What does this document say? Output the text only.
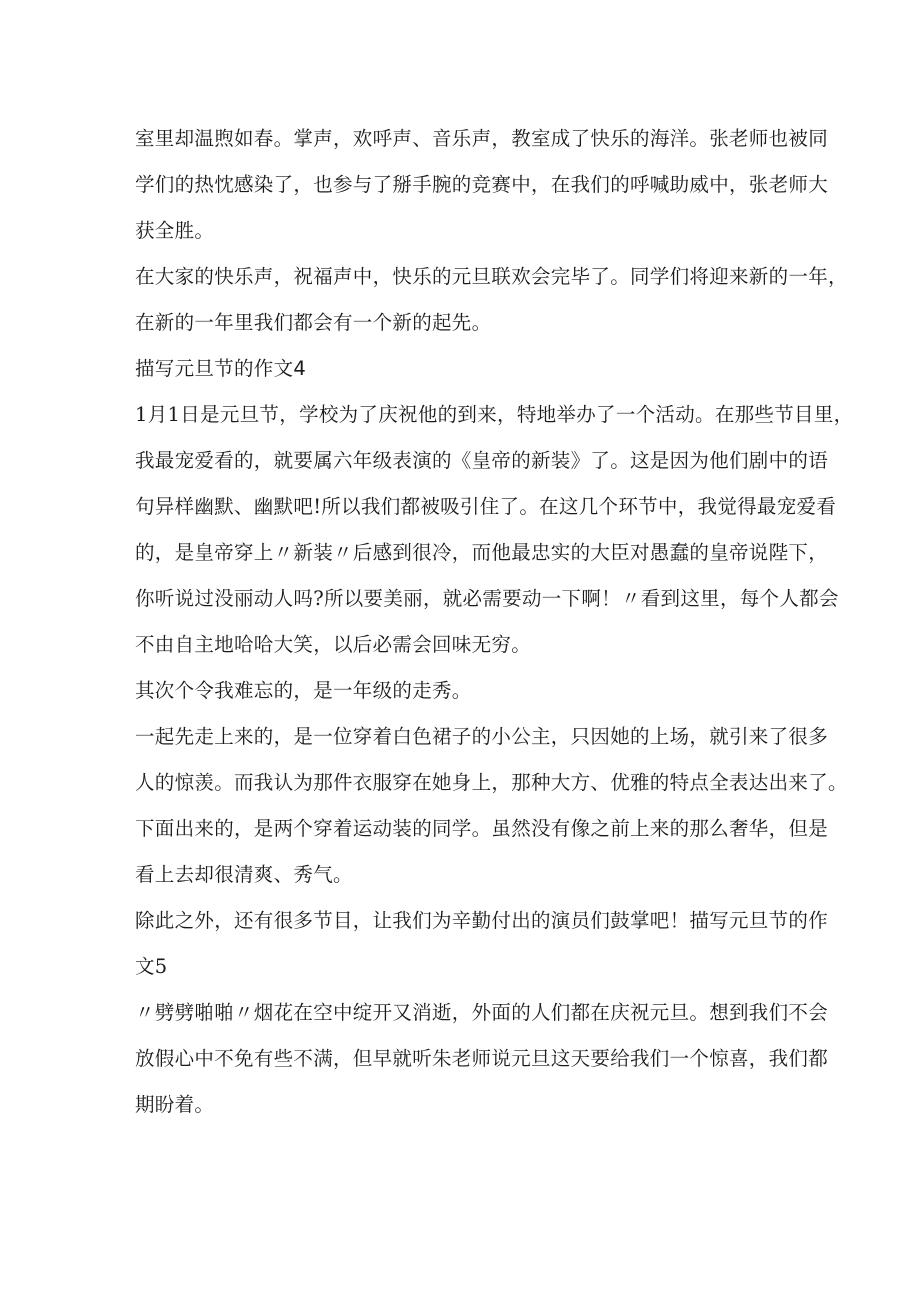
室里却温煦如春。掌声，欢呼声、音乐声，教室成了快乐的海洋。张老师也被同
学们的热忱感染了，也参与了掰手腕的竞赛中，在我们的呼喊助威中，张老师大
获全胜。
在大家的快乐声，祝福声中，快乐的元旦联欢会完毕了。同学们将迎来新的一年，
在新的一年里我们都会有一个新的起先。
描写元旦节的作文4
1月1日是元旦节，学校为了庆祝他的到来，特地举办了一个活动。在那些节目里，
我最宠爱看的，就要属六年级表演的《皇帝的新装》了。这是因为他们剧中的语
句异样幽默、幽默吧!所以我们都被吸引住了。在这几个环节中，我觉得最宠爱看
的，是皇帝穿上〃新装〃后感到很冷，而他最忠实的大臣对愚蠢的皇帝说陛下，
你听说过没丽动人吗?所以要美丽，就必需要动一下啊！〃看到这里，每个人都会
不由自主地哈哈大笑，以后必需会回味无穷。
其次个令我难忘的，是一年级的走秀。
一起先走上来的，是一位穿着白色裙子的小公主，只因她的上场，就引来了很多
人的惊羡。而我认为那件衣服穿在她身上，那种大方、优雅的特点全表达出来了。
下面出来的，是两个穿着运动装的同学。虽然没有像之前上来的那么奢华，但是
看上去却很清爽、秀气。
除此之外，还有很多节目，让我们为辛勤付出的演员们鼓掌吧！描写元旦节的作
文5
〃劈劈啪啪〃烟花在空中绽开又消逝，外面的人们都在庆祝元旦。想到我们不会
放假心中不免有些不满，但早就听朱老师说元旦这天要给我们一个惊喜，我们都
期盼着。
